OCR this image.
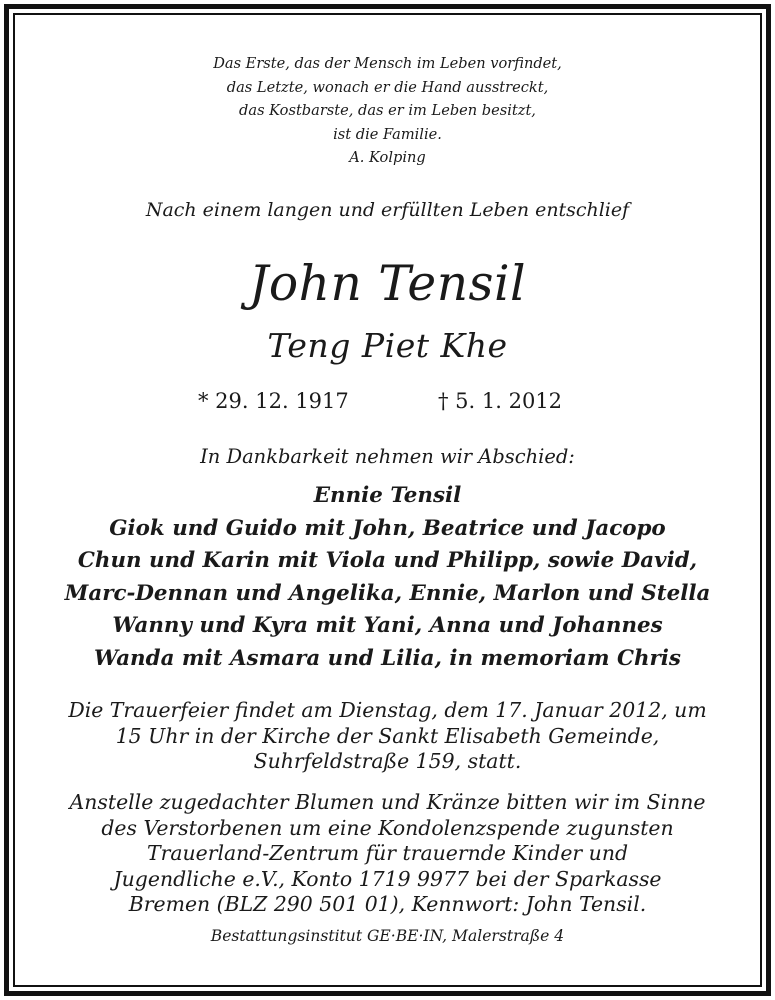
Das Erste, das der Mensch im Leben vorfindet,
das Letzte, wonach er die Hand ausstreckt,
das Kostbarste, das er im Leben besitzt,
ist die Familie.
A. Kolping
Nach einem langen und erfüllten Leben entschlief
John Tensil
Teng Piet Khe
* 29. 12. 1917	† 5. 1. 2012
In Dankbarkeit nehmen wir Abschied:
Ennie Tensil
Giok und Guido mit John, Beatrice und Jacopo
Chun und Karin mit Viola und Philipp, sowie David,
Marc-Dennan und Angelika, Ennie, Marlon und Stella
Wanny und Kyra mit Yani, Anna und Johannes
Wanda mit Asmara und Lilia, in memoriam Chris
Die Trauerfeier findet am Dienstag, dem 17. Januar 2012, um
15 Uhr in der Kirche der Sankt Elisabeth Gemeinde,
Suhrfeldstraße 159, statt.
Anstelle zugedachter Blumen und Kränze bitten wir im Sinne
des Verstorbenen um eine Kondolenzspende zugunsten
Trauerland-Zentrum für trauernde Kinder und
Jugendliche e.V., Konto 1719 9977 bei der Sparkasse
Bremen (BLZ 290 501 01), Kennwort: John Tensil.
Bestattungsinstitut GE·BE·IN, Malerstraße 4
